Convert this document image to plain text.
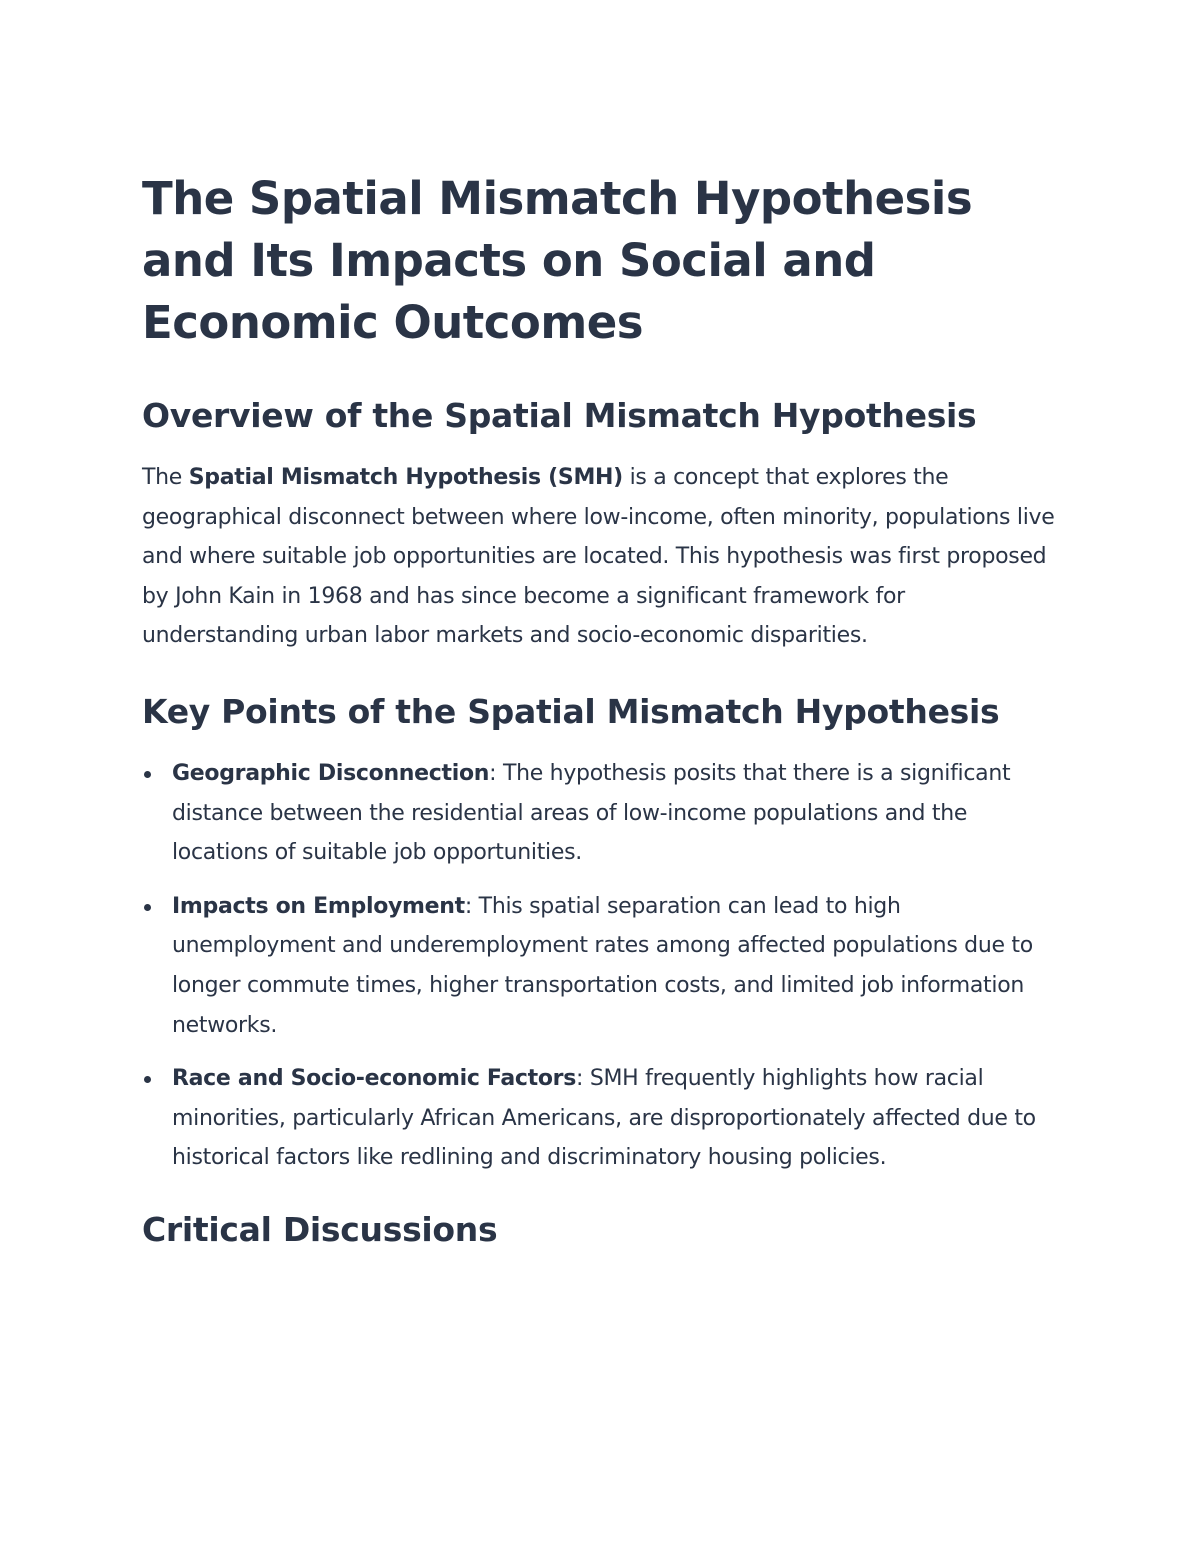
The Spatial Mismatch Hypothesis and Its Impacts on Social and Economic Outcomes
Overview of the Spatial Mismatch Hypothesis

The Spatial Mismatch Hypothesis (SMH) is a concept that explores the geographical disconnect between where low-income, often minority, populations live and where suitable job opportunities are located. This hypothesis was first proposed by John Kain in 1968 and has since become a significant framework for understanding urban labor markets and socio-economic disparities.

Key Points of the Spatial Mismatch Hypothesis
Geographic Disconnection: The hypothesis posits that there is a significant distance between the residential areas of low-income populations and the locations of suitable job opportunities.
Impacts on Employment: This spatial separation can lead to high unemployment and underemployment rates among affected populations due to longer commute times, higher transportation costs, and limited job information networks.
Race and Socio-economic Factors: SMH frequently highlights how racial minorities, particularly African Americans, are disproportionately affected due to historical factors like redlining and discriminatory housing policies.
Critical Discussions
